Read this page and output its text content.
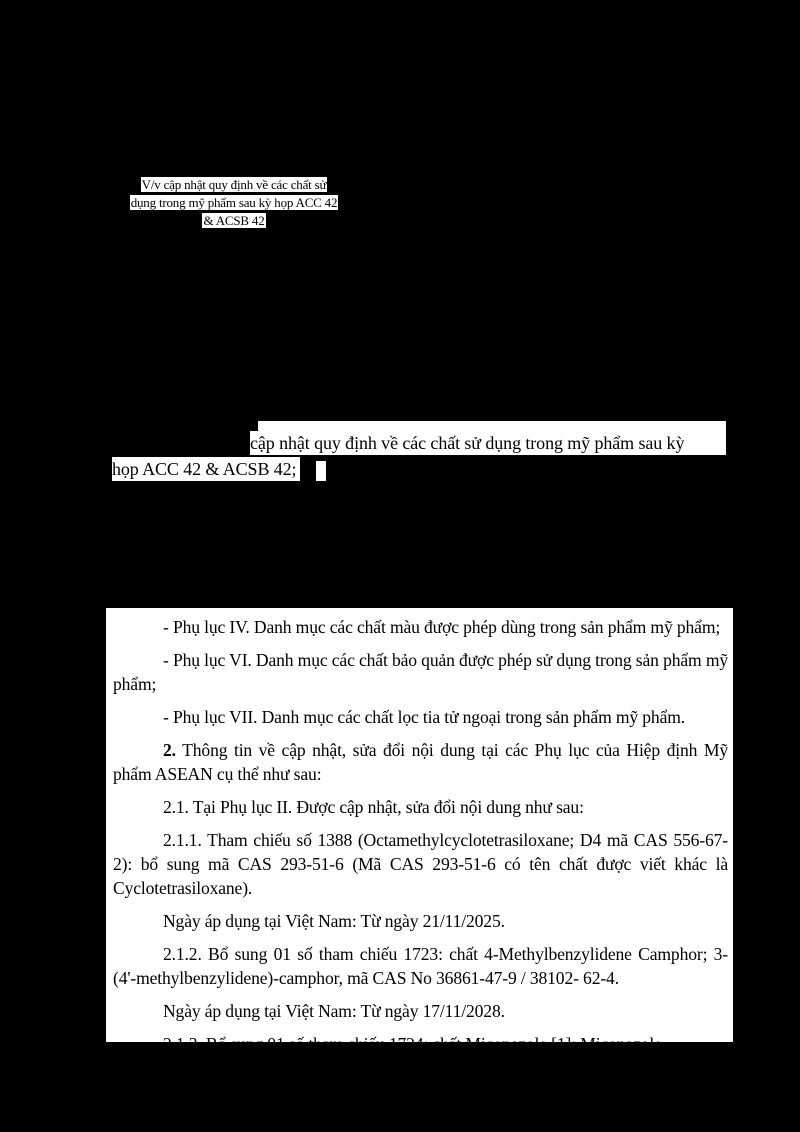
V/v cập nhật quy định về các chất sử
dụng trong mỹ phẩm sau kỳ họp ACC 42
& ACSB 42
cập nhật quy định về các chất sử dụng trong mỹ phẩm sau kỳ
họp ACC 42 & ACSB 42;

- Phụ lục IV. Danh mục các chất màu được phép dùng trong sản phẩm mỹ phẩm;

- Phụ lục VI. Danh mục các chất bảo quản được phép sử dụng trong sản phẩm mỹ phẩm;

- Phụ lục VII. Danh mục các chất lọc tia tử ngoại trong sản phẩm mỹ phẩm.

2. Thông tin về cập nhật, sửa đổi nội dung tại các Phụ lục của Hiệp định Mỹ phẩm ASEAN cụ thể như sau:

2.1. Tại Phụ lục II. Được cập nhật, sửa đổi nội dung như sau:

2.1.1. Tham chiếu số 1388 (Octamethylcyclotetrasiloxane; D4 mã CAS 556-67-2): bổ sung mã CAS 293-51-6 (Mã CAS 293-51-6 có tên chất được viết khác là Cyclotetrasiloxane).

Ngày áp dụng tại Việt Nam: Từ ngày 21/11/2025.

2.1.2. Bổ sung 01 số tham chiếu 1723: chất 4-Methylbenzylidene Camphor; 3-(4'-methylbenzylidene)-camphor, mã CAS No 36861-47-9 / 38102- 62-4.

Ngày áp dụng tại Việt Nam: Từ ngày 17/11/2028.

2.1.3. Bổ sung 01 số tham chiếu 1724: chất Miconazole [1]; Miconazole
